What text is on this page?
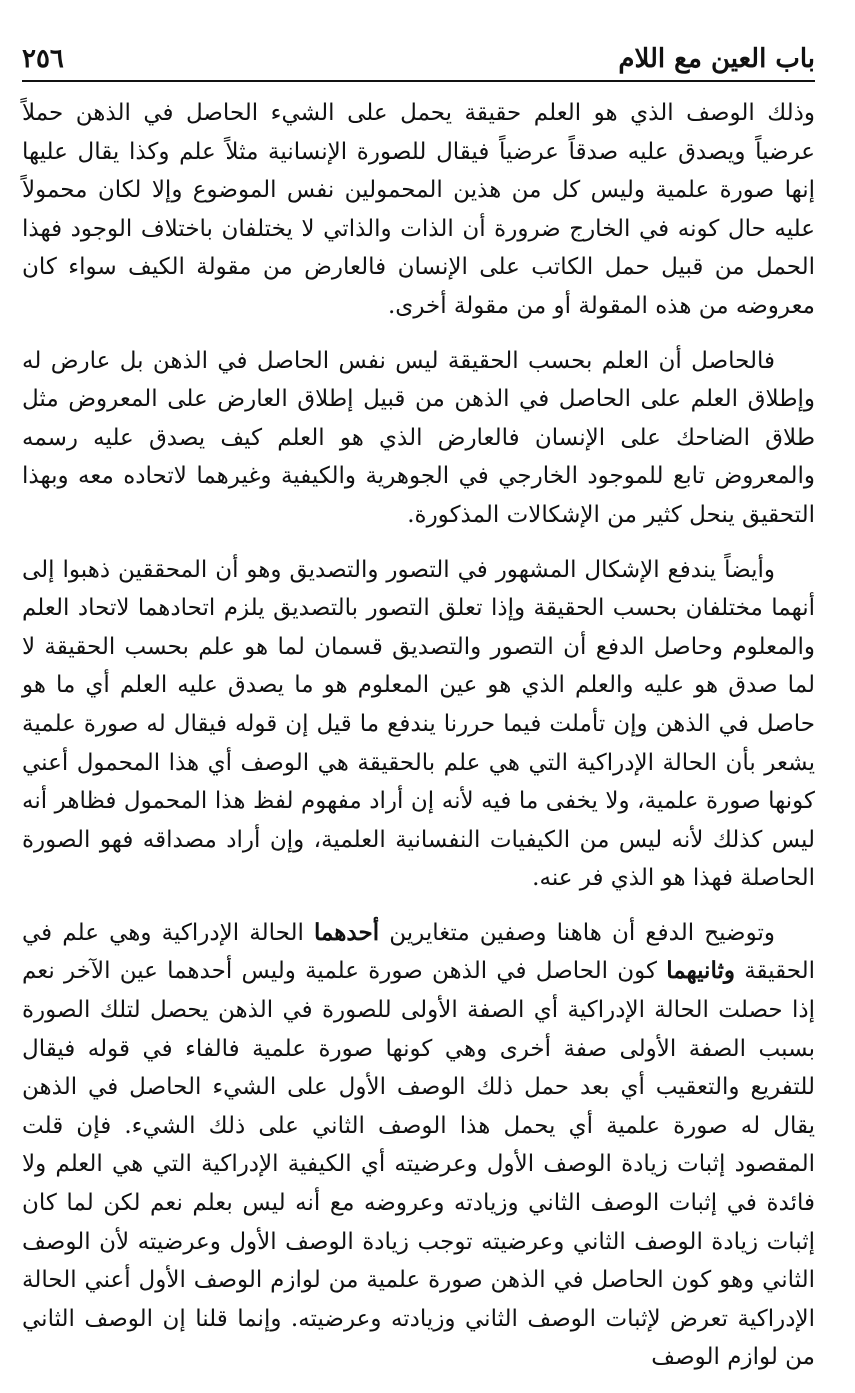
باب العين مع اللام
٢٥٦

وذلك الوصف الذي هو العلم حقيقة يحمل على الشيء الحاصل في الذهن حملاً عرضياً ويصدق عليه صدقاً عرضياً فيقال للصورة الإنسانية مثلاً علم وكذا يقال عليها إنها صورة علمية وليس كل من هذين المحمولين نفس الموضوع وإلا لكان محمولاً عليه حال كونه في الخارج ضرورة أن الذات والذاتي لا يختلفان باختلاف الوجود فهذا الحمل من قبيل حمل الكاتب على الإنسان فالعارض من مقولة الكيف سواء كان معروضه من هذه المقولة أو من مقولة أخرى.

فالحاصل أن العلم بحسب الحقيقة ليس نفس الحاصل في الذهن بل عارض له وإطلاق العلم على الحاصل في الذهن من قبيل إطلاق العارض على المعروض مثل طلاق الضاحك على الإنسان فالعارض الذي هو العلم كيف يصدق عليه رسمه والمعروض تابع للموجود الخارجي في الجوهرية والكيفية وغيرهما لاتحاده معه وبهذا التحقيق ينحل كثير من الإشكالات المذكورة.

وأيضاً يندفع الإشكال المشهور في التصور والتصديق وهو أن المحققين ذهبوا إلى أنهما مختلفان بحسب الحقيقة وإذا تعلق التصور بالتصديق يلزم اتحادهما لاتحاد العلم والمعلوم وحاصل الدفع أن التصور والتصديق قسمان لما هو علم بحسب الحقيقة لا لما صدق هو عليه والعلم الذي هو عين المعلوم هو ما يصدق عليه العلم أي ما هو حاصل في الذهن وإن تأملت فيما حررنا يندفع ما قيل إن قوله فيقال له صورة علمية يشعر بأن الحالة الإدراكية التي هي علم بالحقيقة هي الوصف أي هذا المحمول أعني كونها صورة علمية، ولا يخفى ما فيه لأنه إن أراد مفهوم لفظ هذا المحمول فظاهر أنه ليس كذلك لأنه ليس من الكيفيات النفسانية العلمية، وإن أراد مصداقه فهو الصورة الحاصلة فهذا هو الذي فر عنه.

وتوضيح الدفع أن هاهنا وصفين متغايرين أحدهما الحالة الإدراكية وهي علم في الحقيقة وثانيهما كون الحاصل في الذهن صورة علمية وليس أحدهما عين الآخر نعم إذا حصلت الحالة الإدراكية أي الصفة الأولى للصورة في الذهن يحصل لتلك الصورة بسبب الصفة الأولى صفة أخرى وهي كونها صورة علمية فالفاء في قوله فيقال للتفريع والتعقيب أي بعد حمل ذلك الوصف الأول على الشيء الحاصل في الذهن يقال له صورة علمية أي يحمل هذا الوصف الثاني على ذلك الشيء. فإن قلت المقصود إثبات زيادة الوصف الأول وعرضيته أي الكيفية الإدراكية التي هي العلم ولا فائدة في إثبات الوصف الثاني وزيادته وعروضه مع أنه ليس بعلم نعم لكن لما كان إثبات زيادة الوصف الثاني وعرضيته توجب زيادة الوصف الأول وعرضيته لأن الوصف الثاني وهو كون الحاصل في الذهن صورة علمية من لوازم الوصف الأول أعني الحالة الإدراكية تعرض لإثبات الوصف الثاني وزيادته وعرضيته. وإنما قلنا إن الوصف الثاني من لوازم الوصف
